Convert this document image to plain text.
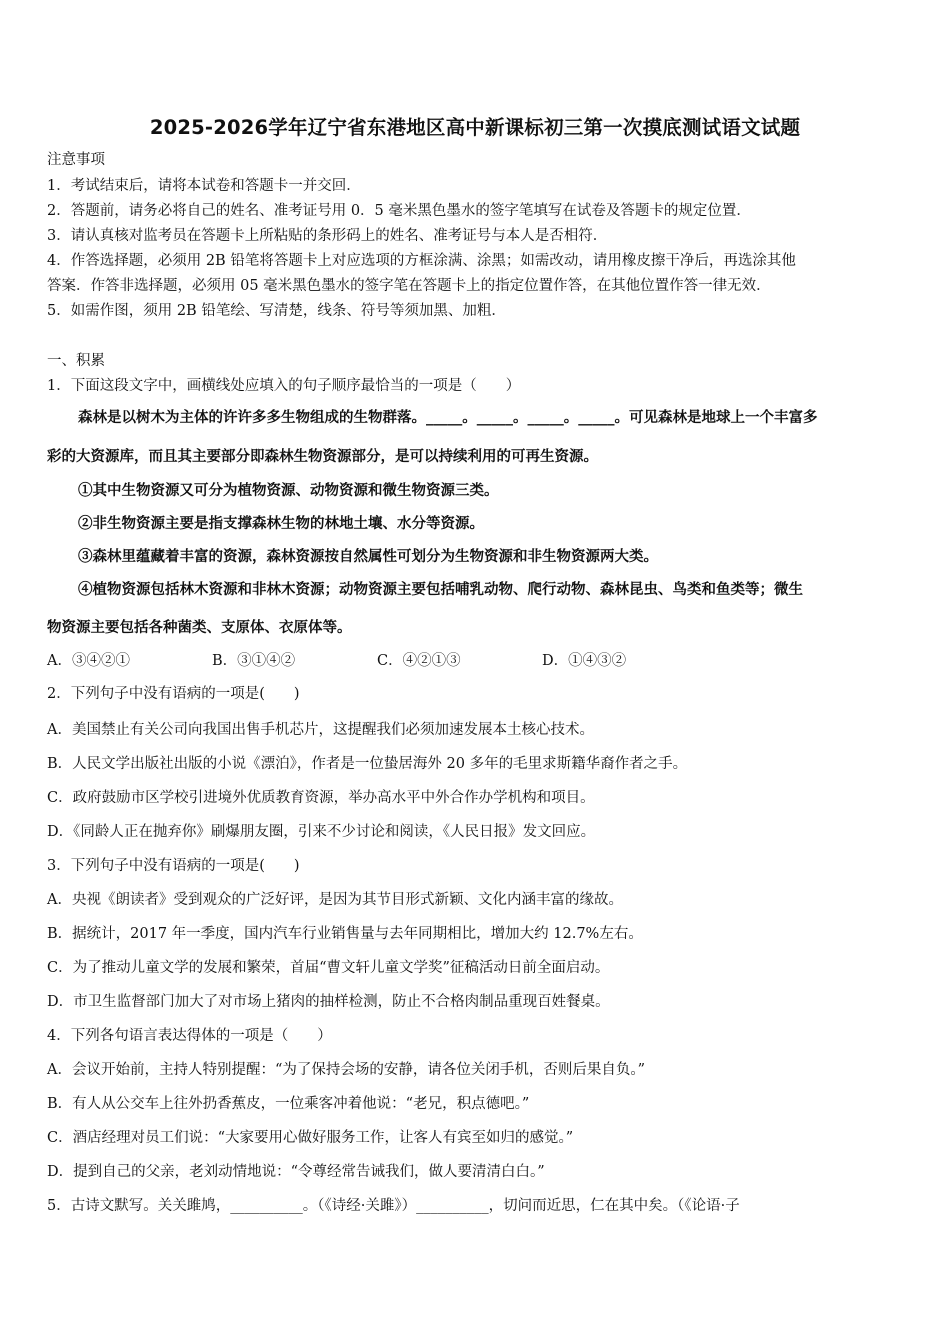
2025-2026学年辽宁省东港地区高中新课标初三第一次摸底测试语文试题
注意事项
1．考试结束后，请将本试卷和答题卡一并交回．
2．答题前，请务必将自己的姓名、准考证号用 0．5 毫米黑色墨水的签字笔填写在试卷及答题卡的规定位置．
3．请认真核对监考员在答题卡上所粘贴的条形码上的姓名、准考证号与本人是否相符．
4．作答选择题，必须用 2B 铅笔将答题卡上对应选项的方框涂满、涂黑；如需改动，请用橡皮擦干净后，再选涂其他
答案．作答非选择题，必须用 05 毫米黑色墨水的签字笔在答题卡上的指定位置作答，在其他位置作答一律无效．
5．如需作图，须用 2B 铅笔绘、写清楚，线条、符号等须加黑、加粗．
一、积累
1．下面这段文字中，画横线处应填入的句子顺序最恰当的一项是（　　）
森林是以树木为主体的许许多多生物组成的生物群落。_____。_____。_____。_____。可见森林是地球上一个丰富多
彩的大资源库，而且其主要部分即森林生物资源部分，是可以持续利用的可再生资源。
①其中生物资源又可分为植物资源、动物资源和微生物资源三类。
②非生物资源主要是指支撑森林生物的林地土壤、水分等资源。
③森林里蕴藏着丰富的资源，森林资源按自然属性可划分为生物资源和非生物资源两大类。
④植物资源包括林木资源和非林木资源；动物资源主要包括哺乳动物、爬行动物、森林昆虫、鸟类和鱼类等；微生
物资源主要包括各种菌类、支原体、衣原体等。
A．③④②①	B．③①④②	C．④②①③	D．①④③②
2．下列句子中没有语病的一项是(　　)
A．美国禁止有关公司向我国出售手机芯片，这提醒我们必须加速发展本土核心技术。
B．人民文学出版社出版的小说《漂泊》，作者是一位蛰居海外 20 多年的毛里求斯籍华裔作者之手。
C．政府鼓励市区学校引进境外优质教育资源，举办高水平中外合作办学机构和项目。
D．《同龄人正在抛弃你》刷爆朋友圈，引来不少讨论和阅读，《人民日报》发文回应。
3．下列句子中没有语病的一项是(　　)
A．央视《朗读者》受到观众的广泛好评，是因为其节目形式新颖、文化内涵丰富的缘故。
B．据统计，2017 年一季度，国内汽车行业销售量与去年同期相比，增加大约 12.7%左右。
C．为了推动儿童文学的发展和繁荣，首届“曹文轩儿童文学奖”征稿活动日前全面启动。
D．市卫生监督部门加大了对市场上猪肉的抽样检测，防止不合格肉制品重现百姓餐桌。
4．下列各句语言表达得体的一项是（　　）
A．会议开始前，主持人特别提醒：“为了保持会场的安静，请各位关闭手机，否则后果自负。”
B．有人从公交车上往外扔香蕉皮，一位乘客冲着他说：“老兄，积点德吧。”
C．酒店经理对员工们说：“大家要用心做好服务工作，让客人有宾至如归的感觉。”
D．提到自己的父亲，老刘动情地说：“令尊经常告诫我们，做人要清清白白。”
5．古诗文默写。关关雎鸠，__________。（《诗经·关雎》）__________，切问而近思，仁在其中矣。（《论语·子
